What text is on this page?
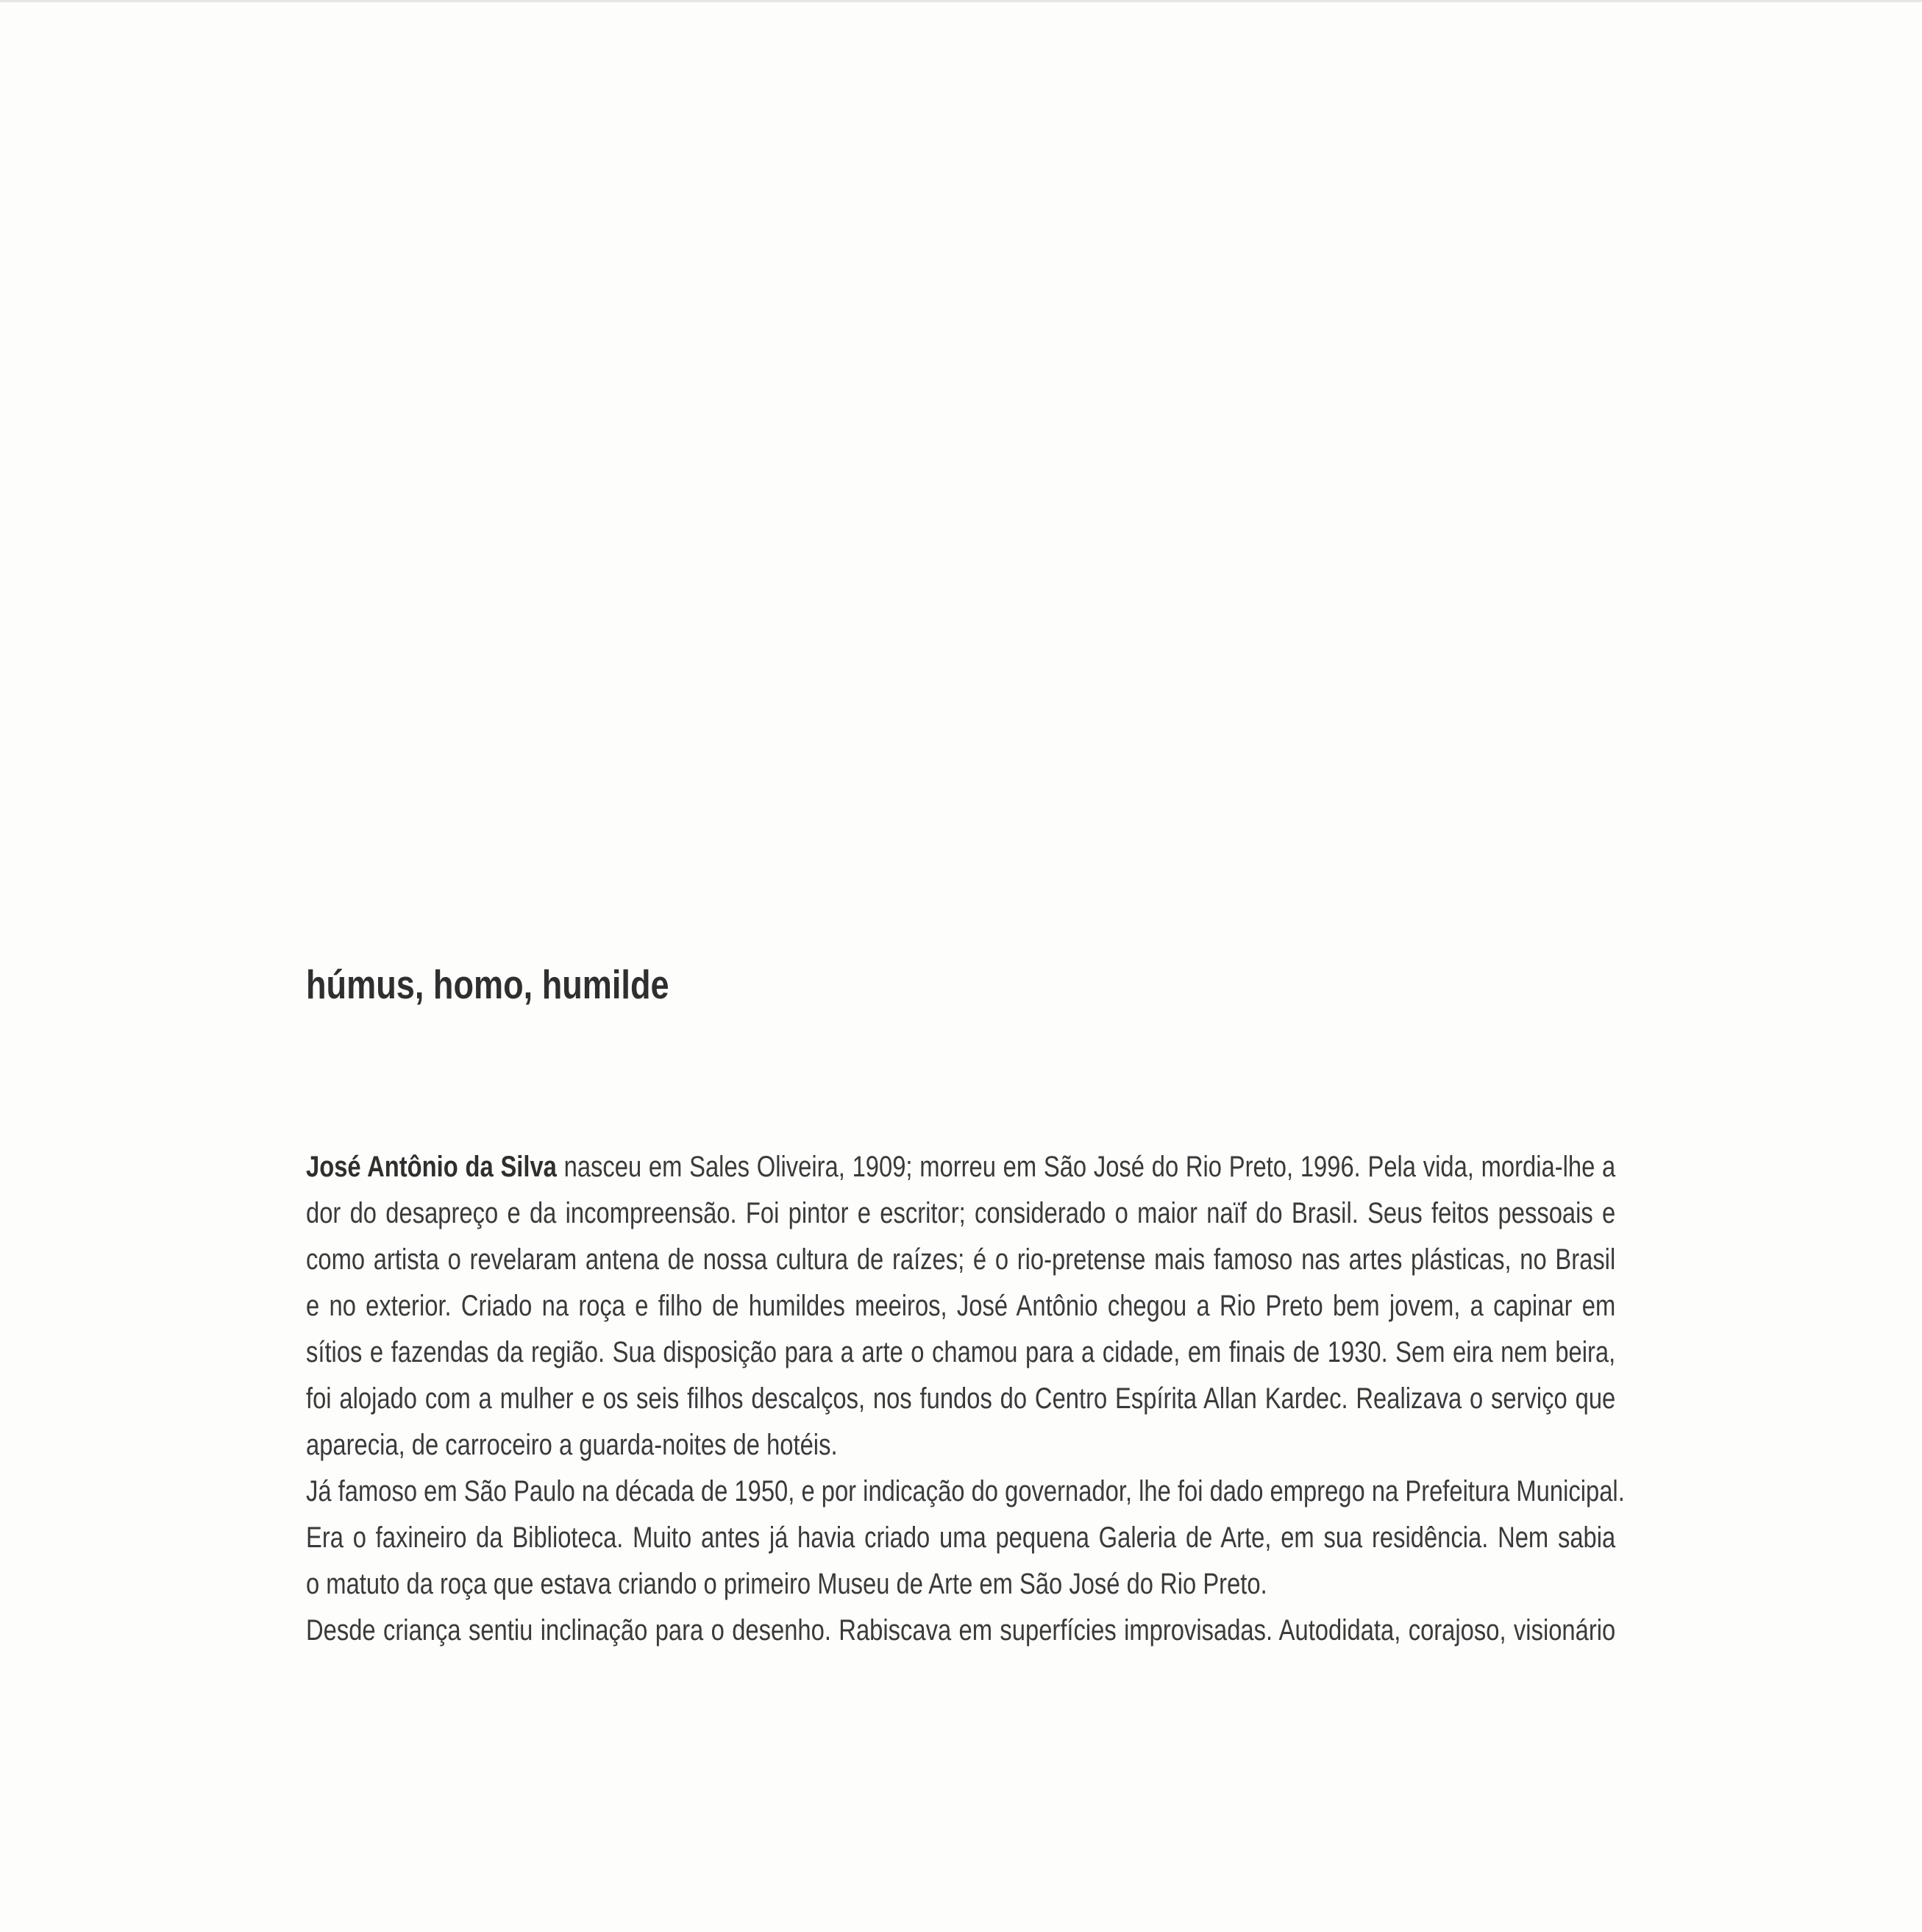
húmus, homo, humilde
José Antônio da Silva nasceu em Sales Oliveira, 1909; morreu em São José do Rio Preto, 1996. Pela vida, mordia-lhe a
dor do desapreço e da incompreensão. Foi pintor e escritor; considerado o maior naïf do Brasil. Seus feitos pessoais e
como artista o revelaram antena de nossa cultura de raízes; é o rio-pretense mais famoso nas artes plásticas, no Brasil
e no exterior. Criado na roça e filho de humildes meeiros, José Antônio chegou a Rio Preto bem jovem, a capinar em
sítios e fazendas da região. Sua disposição para a arte o chamou para a cidade, em finais de 1930. Sem eira nem beira,
foi alojado com a mulher e os seis filhos descalços, nos fundos do Centro Espírita Allan Kardec. Realizava o serviço que
aparecia, de carroceiro a guarda-noites de hotéis.
Já famoso em São Paulo na década de 1950, e por indicação do governador, lhe foi dado emprego na Prefeitura Municipal.
Era o faxineiro da Biblioteca. Muito antes já havia criado uma pequena Galeria de Arte, em sua residência. Nem sabia
o matuto da roça que estava criando o primeiro Museu de Arte em São José do Rio Preto.
Desde criança sentiu inclinação para o desenho. Rabiscava em superfícies improvisadas. Autodidata, corajoso, visionário
